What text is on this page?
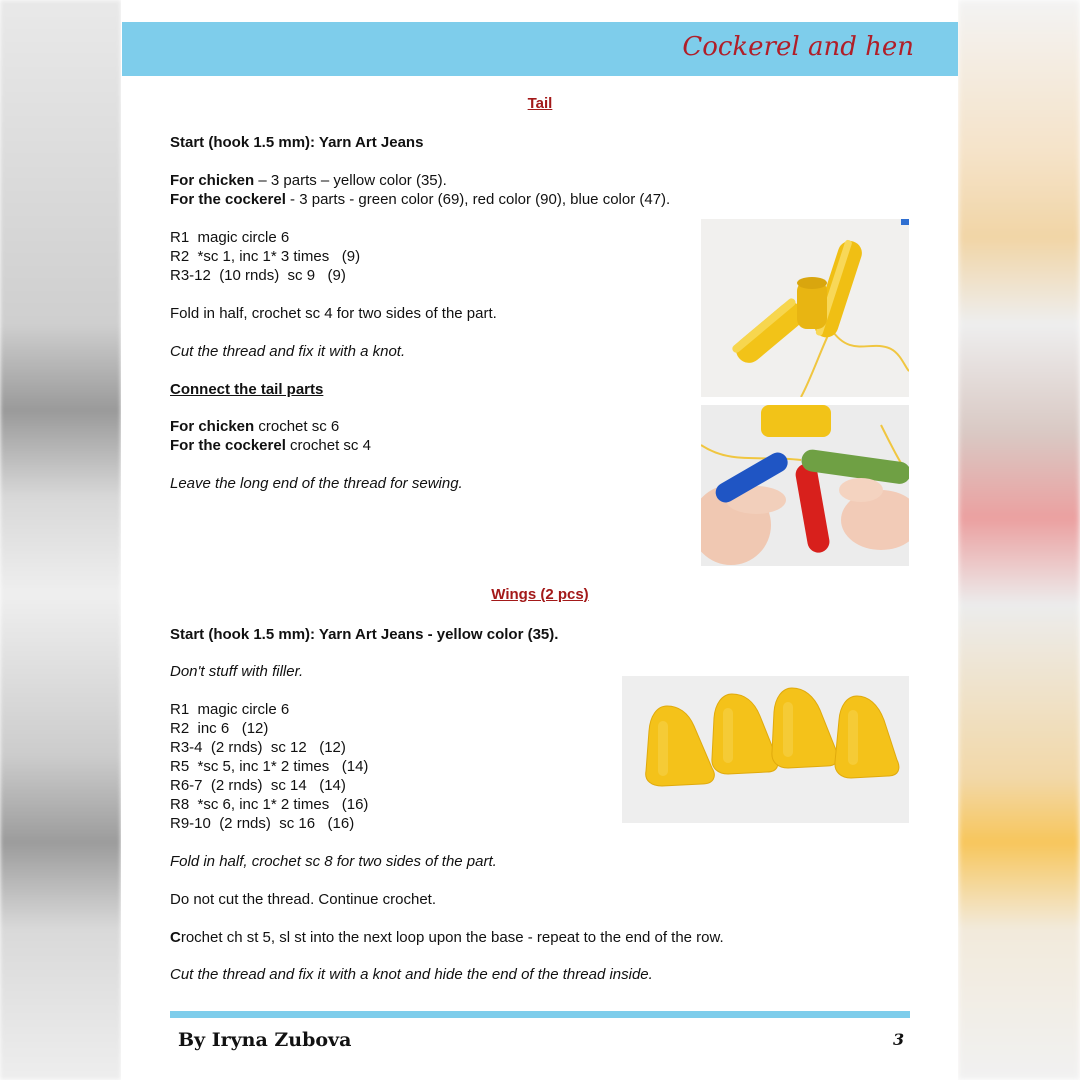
Cockerel and hen
Tail
Start (hook 1.5 mm): Yarn Art Jeans
For chicken – 3 parts – yellow color (35).
For the cockerel - 3 parts - green color (69), red color (90), blue color (47).
R1  magic circle 6
R2  *sc 1, inc 1* 3 times   (9)
R3-12  (10 rnds)  sc 9   (9)
Fold in half, crochet sc 4 for two sides of the part.
Cut the thread and fix it with a knot.
Connect the tail parts
For chicken crochet sc 6
For the cockerel crochet sc 4
Leave the long end of the thread for sewing.
Wings (2 pcs)
Start (hook 1.5 mm): Yarn Art Jeans - yellow color (35).
Don't stuff with filler.
R1  magic circle 6
R2  inc 6   (12)
R3-4  (2 rnds)  sc 12   (12)
R5  *sc 5, inc 1* 2 times   (14)
R6-7  (2 rnds)  sc 14   (14)
R8  *sc 6, inc 1* 2 times   (16)
R9-10  (2 rnds)  sc 16   (16)
Fold in half, crochet sc 8 for two sides of the part.
Do not cut the thread. Continue crochet.
Crochet ch st 5, sl st into the next loop upon the base - repeat to the end of the row.
Cut the thread and fix it with a knot and hide the end of the thread inside.
By Iryna Zubova	3
